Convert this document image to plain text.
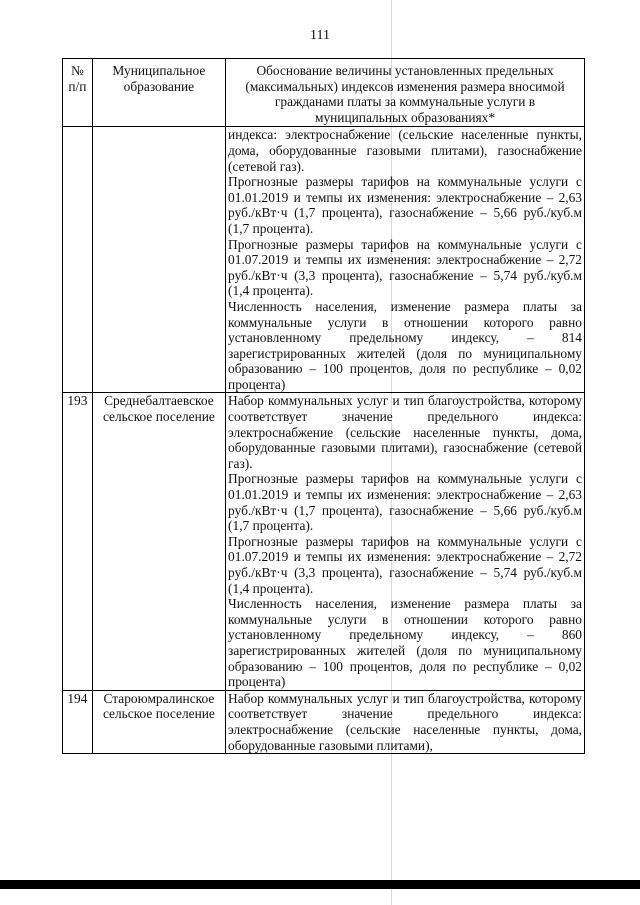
111
№ п/п	Муниципальное образование	Обоснование величины установленных предельных (максимальных) индексов изменения размера вносимой гражданами платы за коммунальные услуги в муниципальных образованиях*

		индекса: электроснабжение (сельские населенные пункты, дома, оборудованные газовыми плитами), газоснабжение (сетевой газ).
Прогнозные размеры тарифов на коммунальные услуги с 01.01.2019 и темпы их изменения: электроснабжение – 2,63 руб./кВт·ч (1,7 процента), газоснабжение – 5,66 руб./куб.м (1,7 процента).
Прогнозные размеры тарифов на коммунальные услуги с 01.07.2019 и темпы их изменения: электроснабжение – 2,72 руб./кВт·ч (3,3 процента), газоснабжение – 5,74 руб./куб.м (1,4 процента).
Численность населения, изменение размера платы за коммунальные услуги в отношении которого равно установленному предельному индексу, – 814 зарегистрированных жителей (доля по муниципальному образованию – 100 процентов, доля по республике – 0,02 процента)

193	Среднебалтаевское сельское поселение	Набор коммунальных услуг и тип благоустройства, которому соответствует значение предельного индекса: электроснабжение (сельские населенные пункты, дома, оборудованные газовыми плитами), газоснабжение (сетевой газ).
Прогнозные размеры тарифов на коммунальные услуги с 01.01.2019 и темпы их изменения: электроснабжение – 2,63 руб./кВт·ч (1,7 процента), газоснабжение – 5,66 руб./куб.м (1,7 процента).
Прогнозные размеры тарифов на коммунальные услуги с 01.07.2019 и темпы их изменения: электроснабжение – 2,72 руб./кВт·ч (3,3 процента), газоснабжение – 5,74 руб./куб.м (1,4 процента).
Численность населения, изменение размера платы за коммунальные услуги в отношении которого равно установленному предельному индексу, – 860 зарегистрированных жителей (доля по муниципальному образованию – 100 процентов, доля по республике – 0,02 процента)

194	Староюмралинское сельское поселение	Набор коммунальных услуг и тип благоустройства, которому соответствует значение предельного индекса: электроснабжение (сельские населенные пункты, дома, оборудованные газовыми плитами),
